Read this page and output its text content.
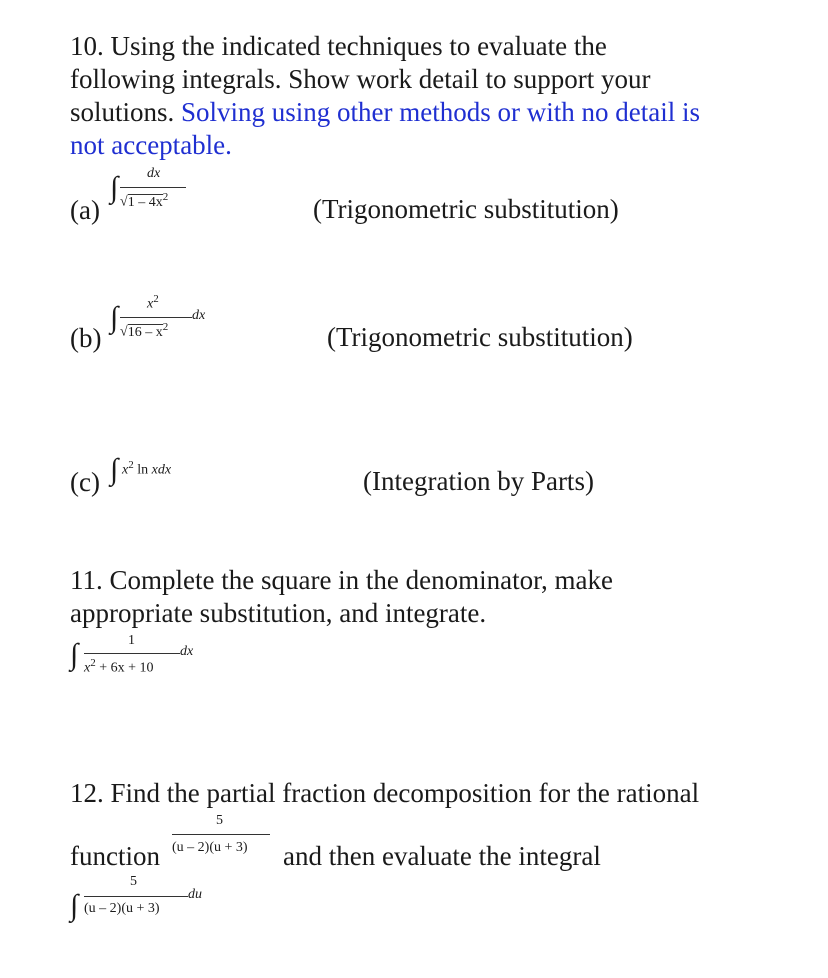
10. Using the indicated techniques to evaluate the
following integrals. Show work detail to support your
solutions. Solving using other methods or with no detail is
not acceptable.
(a)
∫ dx
$√1 - 4x^2$	(Trigonometric substitution)
(b)
∫ $x^2$
dx
$√16 - x^2$	(Trigonometric substitution)
(c) ∫ $x^2$ ln xdx	(Integration by Parts)
11. Complete the square in the denominator, make
appropriate substitution, and integrate.
∫	1
dx
$x^2 + 6x + 10$
12. Find the partial fraction decomposition for the rational
function
5
(u – 2)(u + 3) and then evaluate the integral
∫
5
du
(u – 2)(u + 3)
